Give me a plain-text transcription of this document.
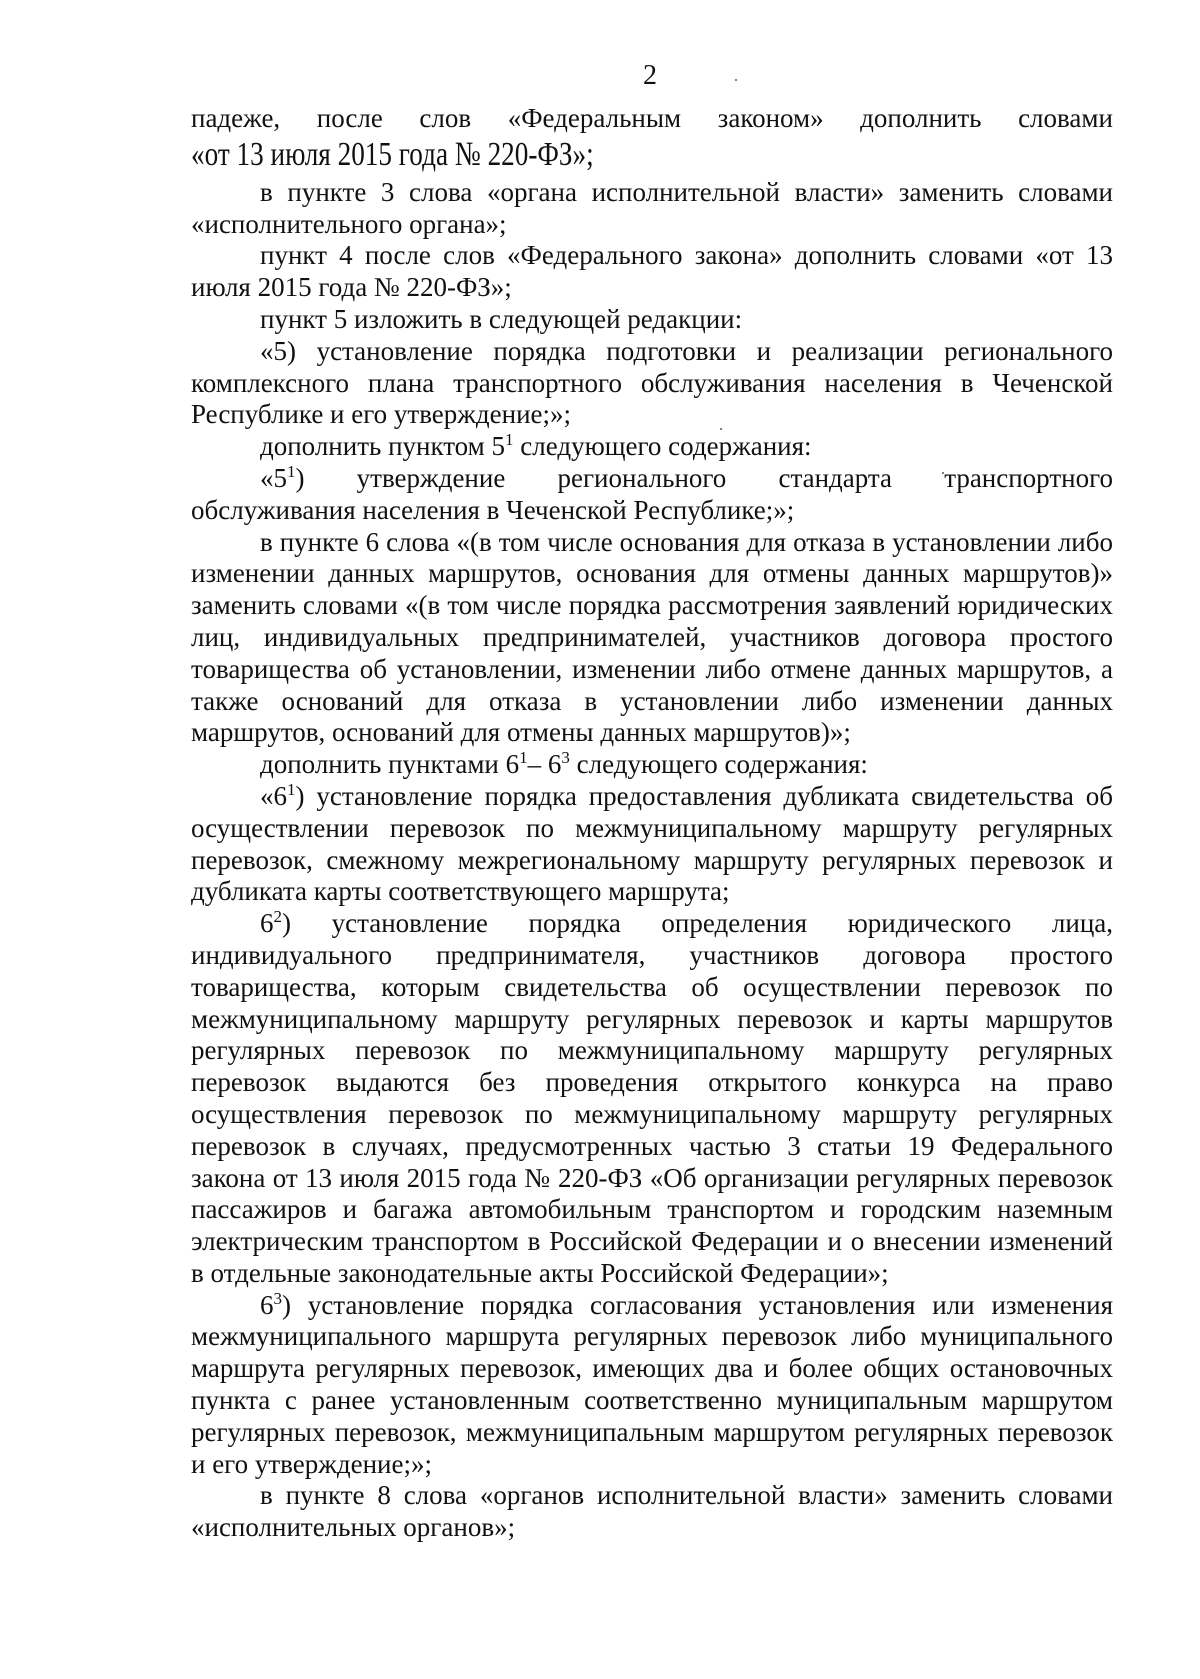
2
падеже, после слов «Федеральным законом» дополнить словами
«от 13 июля 2015 года № 220-ФЗ»;

в пункте 3 слова «органа исполнительной власти» заменить словами «исполнительного органа»;

пункт 4 после слов «Федерального закона» дополнить словами «от 13 июля 2015 года № 220-ФЗ»;

пункт 5 изложить в следующей редакции:

«5) установление порядка подготовки и реализации регионального комплексного плана транспортного обслуживания населения в Чеченской Республике и его утверждение;»;

дополнить пунктом $5^1$ следующего содержания:

«$5^1$) утверждение регионального стандарта транспортного

обслуживания населения в Чеченской Республике;»;

в пункте 6 слова «(в том числе основания для отказа в установлении либо изменении данных маршрутов, основания для отмены данных маршрутов)» заменить словами «(в том числе порядка рассмотрения заявлений юридических лиц, индивидуальных предпринимателей, участников договора простого товарищества об установлении, изменении либо отмене данных маршрутов, а также оснований для отказа в установлении либо изменении данных маршрутов, оснований для отмены данных маршрутов)»;

дополнить пунктами $6^1-$ $6^3$ следующего содержания:

«$6^1$) установление порядка предоставления дубликата свидетельства об осуществлении перевозок по межмуниципальному маршруту регулярных перевозок, смежному межрегиональному маршруту регулярных перевозок и дубликата карты соответствующего маршрута;

$6^2$) установление порядка определения юридического лица, индивидуального предпринимателя, участников договора простого товарищества, которым свидетельства об осуществлении перевозок по межмуниципальному маршруту регулярных перевозок и карты маршрутов регулярных перевозок по межмуниципальному маршруту регулярных перевозок выдаются без проведения открытого конкурса на право осуществления перевозок по межмуниципальному маршруту регулярных перевозок в случаях, предусмотренных частью 3 статьи 19 Федерального закона от 13 июля 2015 года № 220-ФЗ «Об организации регулярных перевозок пассажиров и багажа автомобильным транспортом и городским наземным электрическим транспортом в Российской Федерации и о внесении изменений в отдельные законодательные акты Российской Федерации»;

$6^3$) установление порядка согласования установления или изменения межмуниципального маршрута регулярных перевозок либо муниципального маршрута регулярных перевозок, имеющих два и более общих остановочных пункта с ранее установленным соответственно муниципальным маршрутом регулярных перевозок, межмуниципальным маршрутом регулярных перевозок и его утверждение;»;

в пункте 8 слова «органов исполнительной власти» заменить словами «исполнительных органов»;
